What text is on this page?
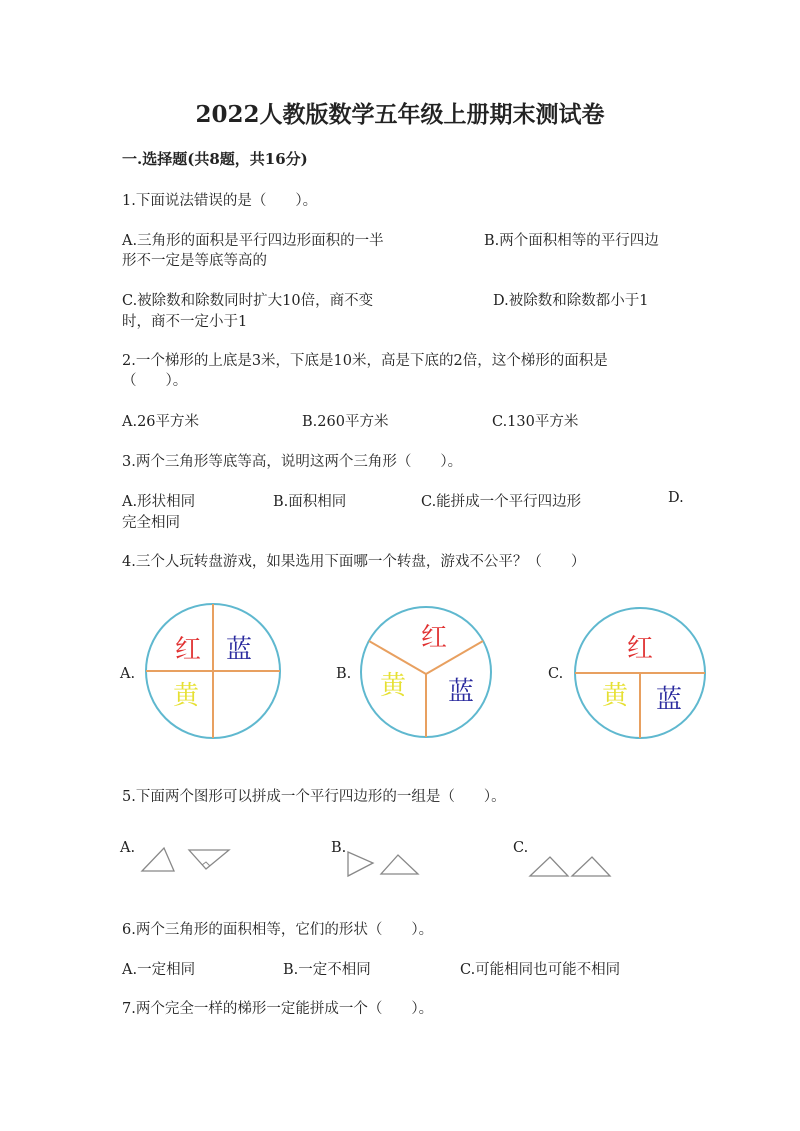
2022人教版数学五年级上册期末测试卷
一.选择题(共8题，共16分)
1.下面说法错误的是（　　）。
A.三角形的面积是平行四边形面积的一半	B.两个面积相等的平行四边
形不一定是等底等高的
C.被除数和除数同时扩大10倍，商不变	D.被除数和除数都小于1
时，商不一定小于1
2.一个梯形的上底是3米，下底是10米，高是下底的2倍，这个梯形的面积是
（　　）。
A.26平方米	B.260平方米	C.130平方米
3.两个三角形等底等高，说明这两个三角形（　　）。
A.形状相同	B.面积相同	C.能拼成一个平行四边形	D.
完全相同
4.三个人玩转盘游戏，如果选用下面哪一个转盘，游戏不公平？（　　）
A.	B.	C.
红 蓝
黄
红
黄 蓝
红
黄 蓝
5.下面两个图形可以拼成一个平行四边形的一组是（　　）。
A.	B.	C.
6.两个三角形的面积相等，它们的形状（　　）。
A.一定相同	B.一定不相同	C.可能相同也可能不相同
7.两个完全一样的梯形一定能拼成一个（　　）。
